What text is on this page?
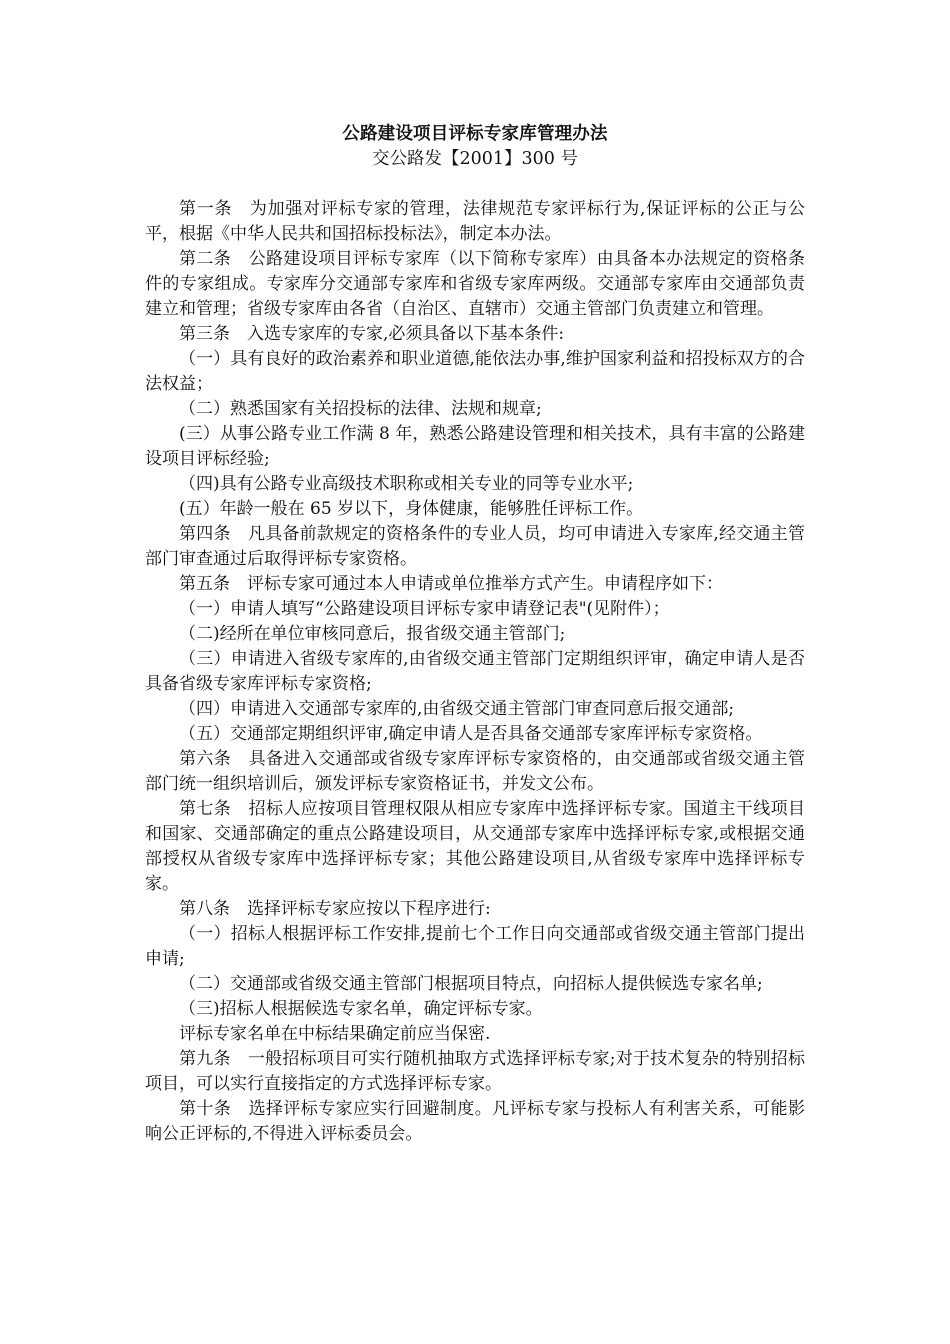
公路建设项目评标专家库管理办法

交公路发【2001】300 号

第一条　为加强对评标专家的管理，法律规范专家评标行为,保证评标的公正与公平，根据《中华人民共和国招标投标法》，制定本办法。

第二条　公路建设项目评标专家库（以下简称专家库）由具备本办法规定的资格条件的专家组成。专家库分交通部专家库和省级专家库两级。交通部专家库由交通部负责建立和管理；省级专家库由各省（自治区、直辖市）交通主管部门负责建立和管理。

第三条　入选专家库的专家,必须具备以下基本条件:

（一）具有良好的政治素养和职业道德,能依法办事,维护国家利益和招投标双方的合法权益；

（二）熟悉国家有关招投标的法律、法规和规章;

(三）从事公路专业工作满 8 年，熟悉公路建设管理和相关技术，具有丰富的公路建设项目评标经验;

（四)具有公路专业高级技术职称或相关专业的同等专业水平;

(五）年龄一般在 65 岁以下，身体健康，能够胜任评标工作。

第四条　凡具备前款规定的资格条件的专业人员，均可申请进入专家库,经交通主管部门审查通过后取得评标专家资格。

第五条　评标专家可通过本人申请或单位推举方式产生。申请程序如下：

（一）申请人填写“公路建设项目评标专家申请登记表"(见附件）；

（二)经所在单位审核同意后，报省级交通主管部门;

（三）申请进入省级专家库的,由省级交通主管部门定期组织评审，确定申请人是否具备省级专家库评标专家资格;

（四）申请进入交通部专家库的,由省级交通主管部门审查同意后报交通部;

（五）交通部定期组织评审,确定申请人是否具备交通部专家库评标专家资格。

第六条　具备进入交通部或省级专家库评标专家资格的，由交通部或省级交通主管部门统一组织培训后，颁发评标专家资格证书，并发文公布。

第七条　招标人应按项目管理权限从相应专家库中选择评标专家。国道主干线项目和国家、交通部确定的重点公路建设项目，从交通部专家库中选择评标专家,或根据交通部授权从省级专家库中选择评标专家；其他公路建设项目,从省级专家库中选择评标专家。

第八条　选择评标专家应按以下程序进行:

（一）招标人根据评标工作安排,提前七个工作日向交通部或省级交通主管部门提出申请;

（二）交通部或省级交通主管部门根据项目特点，向招标人提供候选专家名单;

（三)招标人根据候选专家名单，确定评标专家。

评标专家名单在中标结果确定前应当保密.

第九条　一般招标项目可实行随机抽取方式选择评标专家;对于技术复杂的特别招标项目，可以实行直接指定的方式选择评标专家。

第十条　选择评标专家应实行回避制度。凡评标专家与投标人有利害关系，可能影响公正评标的,不得进入评标委员会。
